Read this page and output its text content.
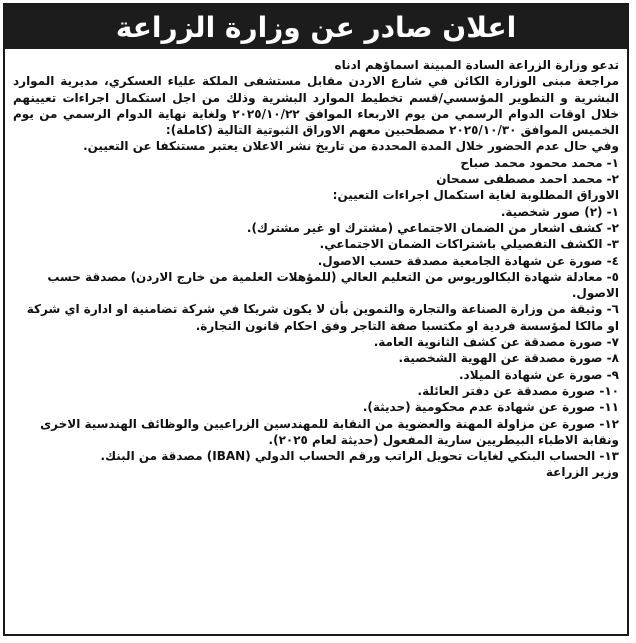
اعلان صادر عن وزارة الزراعة

تدعو وزارة الزراعة السادة المبينة اسماؤهم ادناه

مراجعة مبنى الوزارة الكائن في شارع الاردن مقابل مستشفى الملكة علياء العسكري، مديرية الموارد البشرية و التطوير المؤسسي/قسم تخطيط الموارد البشرية وذلك من اجل استكمال اجراءات تعيينهم خلال اوقات الدوام الرسمي من يوم الاربعاء الموافق ٢٠٢٥/١٠/٢٢ ولغاية نهاية الدوام الرسمي من يوم الخميس الموافق ٢٠٢٥/١٠/٣٠ مصطحبين معهم الاوراق الثبوتية التالية (كاملة):

وفي حال عدم الحضور خلال المدة المحددة من تاريخ نشر الاعلان يعتبر مستنكفا عن التعيين.

١- محمد محمود محمد صباح
٢- محمد احمد مصطفى سمحان

الاوراق المطلوبة لغاية استكمال اجراءات التعيين:

١- (٢) صور شخصية.
٢- كشف اشعار من الضمان الاجتماعي (مشترك او غير مشترك).
٣- الكشف التفصيلي باشتراكات الضمان الاجتماعي.
٤- صورة عن شهادة الجامعية مصدقة حسب الاصول.
٥- معادلة شهادة البكالوريوس من التعليم العالي (للمؤهلات العلمية من خارج الاردن) مصدقة حسب الاصول.
٦- وثيقة من وزارة الصناعة والتجارة والتموين بأن لا يكون شريكا في شركة تضامنية او ادارة اي شركة او مالكا لمؤسسة فردية او مكتسبا صفة التاجر وفق احكام قانون التجارة.
٧- صورة مصدقة عن كشف الثانوية العامة.
٨- صورة مصدقة عن الهوية الشخصية.
٩- صورة عن شهادة الميلاد.
١٠- صورة مصدقة عن دفتر العائلة.
١١- صورة عن شهادة عدم محكومية (حديثة).
١٢- صورة عن مزاولة المهنة والعضوية من النقابة للمهندسين الزراعيين والوظائف الهندسية الاخرى ونقابة الاطباء البيطريين سارية المفعول (حديثة لعام ٢٠٢٥).
١٣- الحساب البنكي لغايات تحويل الراتب ورقم الحساب الدولي (IBAN) مصدقة من البنك.

وزير الزراعة
